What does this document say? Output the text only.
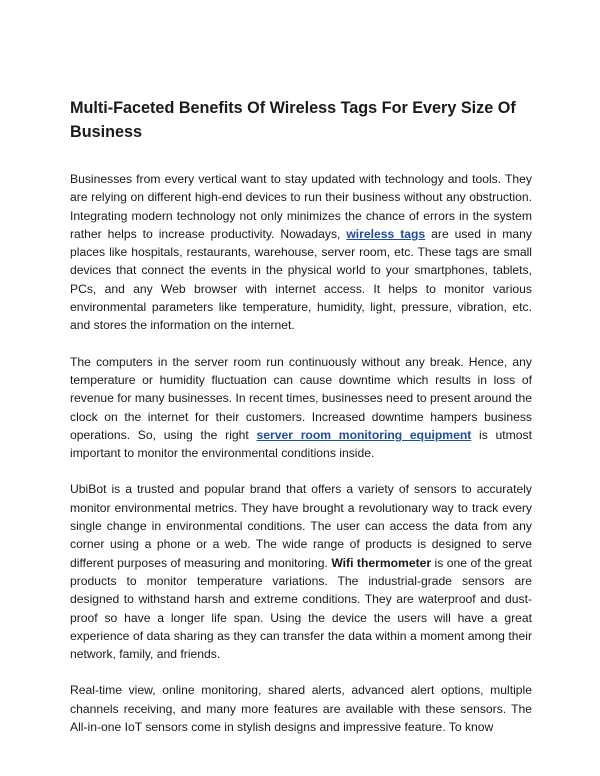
Multi-Faceted Benefits Of Wireless Tags For Every Size Of Business

Businesses from every vertical want to stay updated with technology and tools. They are relying on different high-end devices to run their business without any obstruction. Integrating modern technology not only minimizes the chance of errors in the system rather helps to increase productivity. Nowadays, wireless tags are used in many places like hospitals, restaurants, warehouse, server room, etc. These tags are small devices that connect the events in the physical world to your smartphones, tablets, PCs, and any Web browser with internet access. It helps to monitor various environmental parameters like temperature, humidity, light, pressure, vibration, etc. and stores the information on the internet.

The computers in the server room run continuously without any break. Hence, any temperature or humidity fluctuation can cause downtime which results in loss of revenue for many businesses. In recent times, businesses need to present around the clock on the internet for their customers. Increased downtime hampers business operations. So, using the right server room monitoring equipment is utmost important to monitor the environmental conditions inside.

UbiBot is a trusted and popular brand that offers a variety of sensors to accurately monitor environmental metrics. They have brought a revolutionary way to track every single change in environmental conditions. The user can access the data from any corner using a phone or a web. The wide range of products is designed to serve different purposes of measuring and monitoring. Wifi thermometer is one of the great products to monitor temperature variations. The industrial-grade sensors are designed to withstand harsh and extreme conditions. They are waterproof and dust-proof so have a longer life span. Using the device the users will have a great experience of data sharing as they can transfer the data within a moment among their network, family, and friends.

Real-time view, online monitoring, shared alerts, advanced alert options, multiple channels receiving, and many more features are available with these sensors. The All-in-one IoT sensors come in stylish designs and impressive feature. To know
